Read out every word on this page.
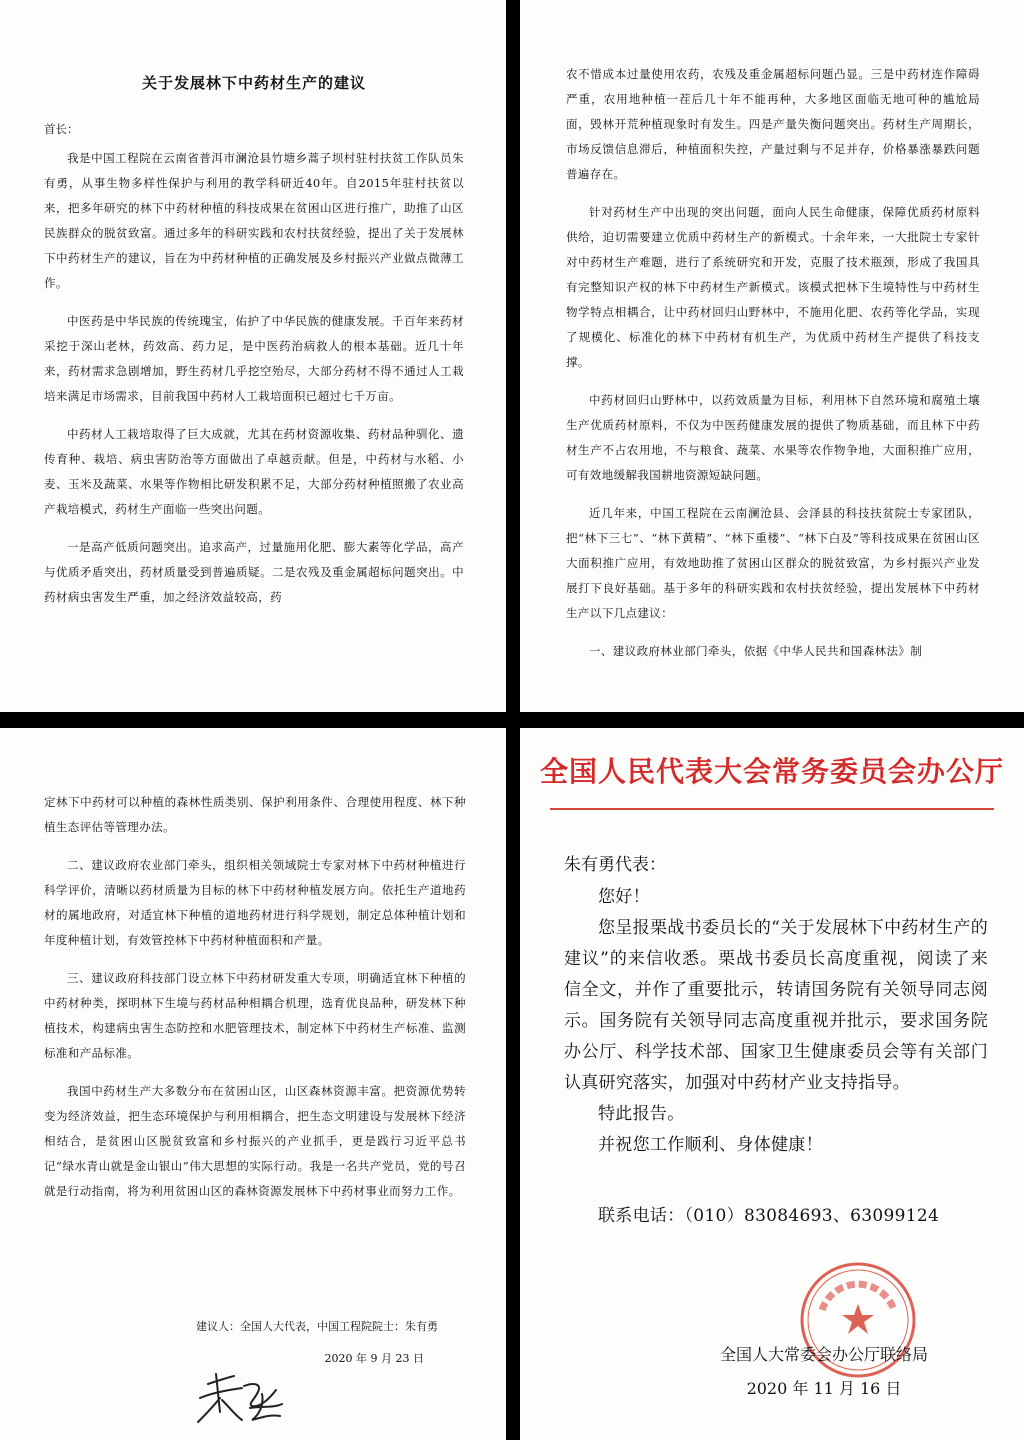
关于发展林下中药材生产的建议
首长：

我是中国工程院在云南省普洱市澜沧县竹塘乡蒿子坝村驻村扶贫工作队员朱有勇，从事生物多样性保护与利用的教学科研近40年。自2015年驻村扶贫以来，把多年研究的林下中药材种植的科技成果在贫困山区进行推广，助推了山区民族群众的脱贫致富。通过多年的科研实践和农村扶贫经验，提出了关于发展林下中药材生产的建议，旨在为中药材种植的正确发展及乡村振兴产业做点微薄工作。

中医药是中华民族的传统瑰宝，佑护了中华民族的健康发展。千百年来药材采挖于深山老林，药效高、药力足，是中医药治病救人的根本基础。近几十年来，药材需求急剧增加，野生药材几乎挖空殆尽，大部分药材不得不通过人工栽培来满足市场需求，目前我国中药材人工栽培面积已超过七千万亩。

中药材人工栽培取得了巨大成就，尤其在药材资源收集、药材品种驯化、遗传育种、栽培、病虫害防治等方面做出了卓越贡献。但是，中药材与水稻、小麦、玉米及蔬菜、水果等作物相比研发积累不足，大部分药材种植照搬了农业高产栽培模式，药材生产面临一些突出问题。

一是高产低质问题突出。追求高产，过量施用化肥、膨大素等化学品，高产与优质矛盾突出，药材质量受到普遍质疑。二是农残及重金属超标问题突出。中药材病虫害发生严重，加之经济效益较高，药

农不惜成本过量使用农药，农残及重金属超标问题凸显。三是中药材连作障碍严重，农用地种植一茬后几十年不能再种，大多地区面临无地可种的尴尬局面，毁林开荒种植现象时有发生。四是产量失衡问题突出。药材生产周期长，市场反馈信息滞后，种植面积失控，产量过剩与不足并存，价格暴涨暴跌问题普遍存在。

针对药材生产中出现的突出问题，面向人民生命健康，保障优质药材原料供给，迫切需要建立优质中药材生产的新模式。十余年来，一大批院士专家针对中药材生产难题，进行了系统研究和开发，克服了技术瓶颈，形成了我国具有完整知识产权的林下中药材生产新模式。该模式把林下生境特性与中药材生物学特点相耦合，让中药材回归山野林中，不施用化肥、农药等化学品，实现了规模化、标准化的林下中药材有机生产，为优质中药材生产提供了科技支撑。

中药材回归山野林中，以药效质量为目标，利用林下自然环境和腐殖土壤生产优质药材原料，不仅为中医药健康发展的提供了物质基础，而且林下中药材生产不占农用地，不与粮食、蔬菜、水果等农作物争地，大面积推广应用，可有效地缓解我国耕地资源短缺问题。

近几年来，中国工程院在云南澜沧县、会泽县的科技扶贫院士专家团队，把“林下三七”、“林下黄精”、“林下重楼”、“林下白及”等科技成果在贫困山区大面积推广应用，有效地助推了贫困山区群众的脱贫致富，为乡村振兴产业发展打下良好基础。基于多年的科研实践和农村扶贫经验，提出发展林下中药材生产以下几点建议：

一、建议政府林业部门牵头，依据《中华人民共和国森林法》制

定林下中药材可以种植的森林性质类别、保护利用条件、合理使用程度、林下种植生态评估等管理办法。

二、建议政府农业部门牵头，组织相关领域院士专家对林下中药材种植进行科学评价，清晰以药材质量为目标的林下中药材种植发展方向。依托生产道地药材的属地政府，对适宜林下种植的道地药材进行科学规划，制定总体种植计划和年度种植计划，有效管控林下中药材种植面积和产量。

三、建议政府科技部门设立林下中药材研发重大专项，明确适宜林下种植的中药材种类，探明林下生境与药材品种相耦合机理，选育优良品种，研发林下种植技术，构建病虫害生态防控和水肥管理技术，制定林下中药材生产标准、监测标准和产品标准。

我国中药材生产大多数分布在贫困山区，山区森林资源丰富。把资源优势转变为经济效益，把生态环境保护与利用相耦合，把生态文明建设与发展林下经济相结合，是贫困山区脱贫致富和乡村振兴的产业抓手，更是践行习近平总书记“绿水青山就是金山银山”伟大思想的实际行动。我是一名共产党员，党的号召就是行动指南，将为利用贫困山区的森林资源发展林下中药材事业而努力工作。

建议人：全国人大代表，中国工程院院士：朱有勇
2020 年 9 月 23 日
全国人民代表大会常务委员会办公厅
朱有勇代表：

您好！

您呈报栗战书委员长的“关于发展林下中药材生产的建议”的来信收悉。栗战书委员长高度重视，阅读了来信全文，并作了重要批示，转请国务院有关领导同志阅示。国务院有关领导同志高度重视并批示，要求国务院办公厅、科学技术部、国家卫生健康委员会等有关部门认真研究落实，加强对中药材产业支持指导。

特此报告。

并祝您工作顺利、身体健康！

联系电话：（010）83084693、63099124

全国人大常委会办公厅联络局
2020 年 11 月 16 日
